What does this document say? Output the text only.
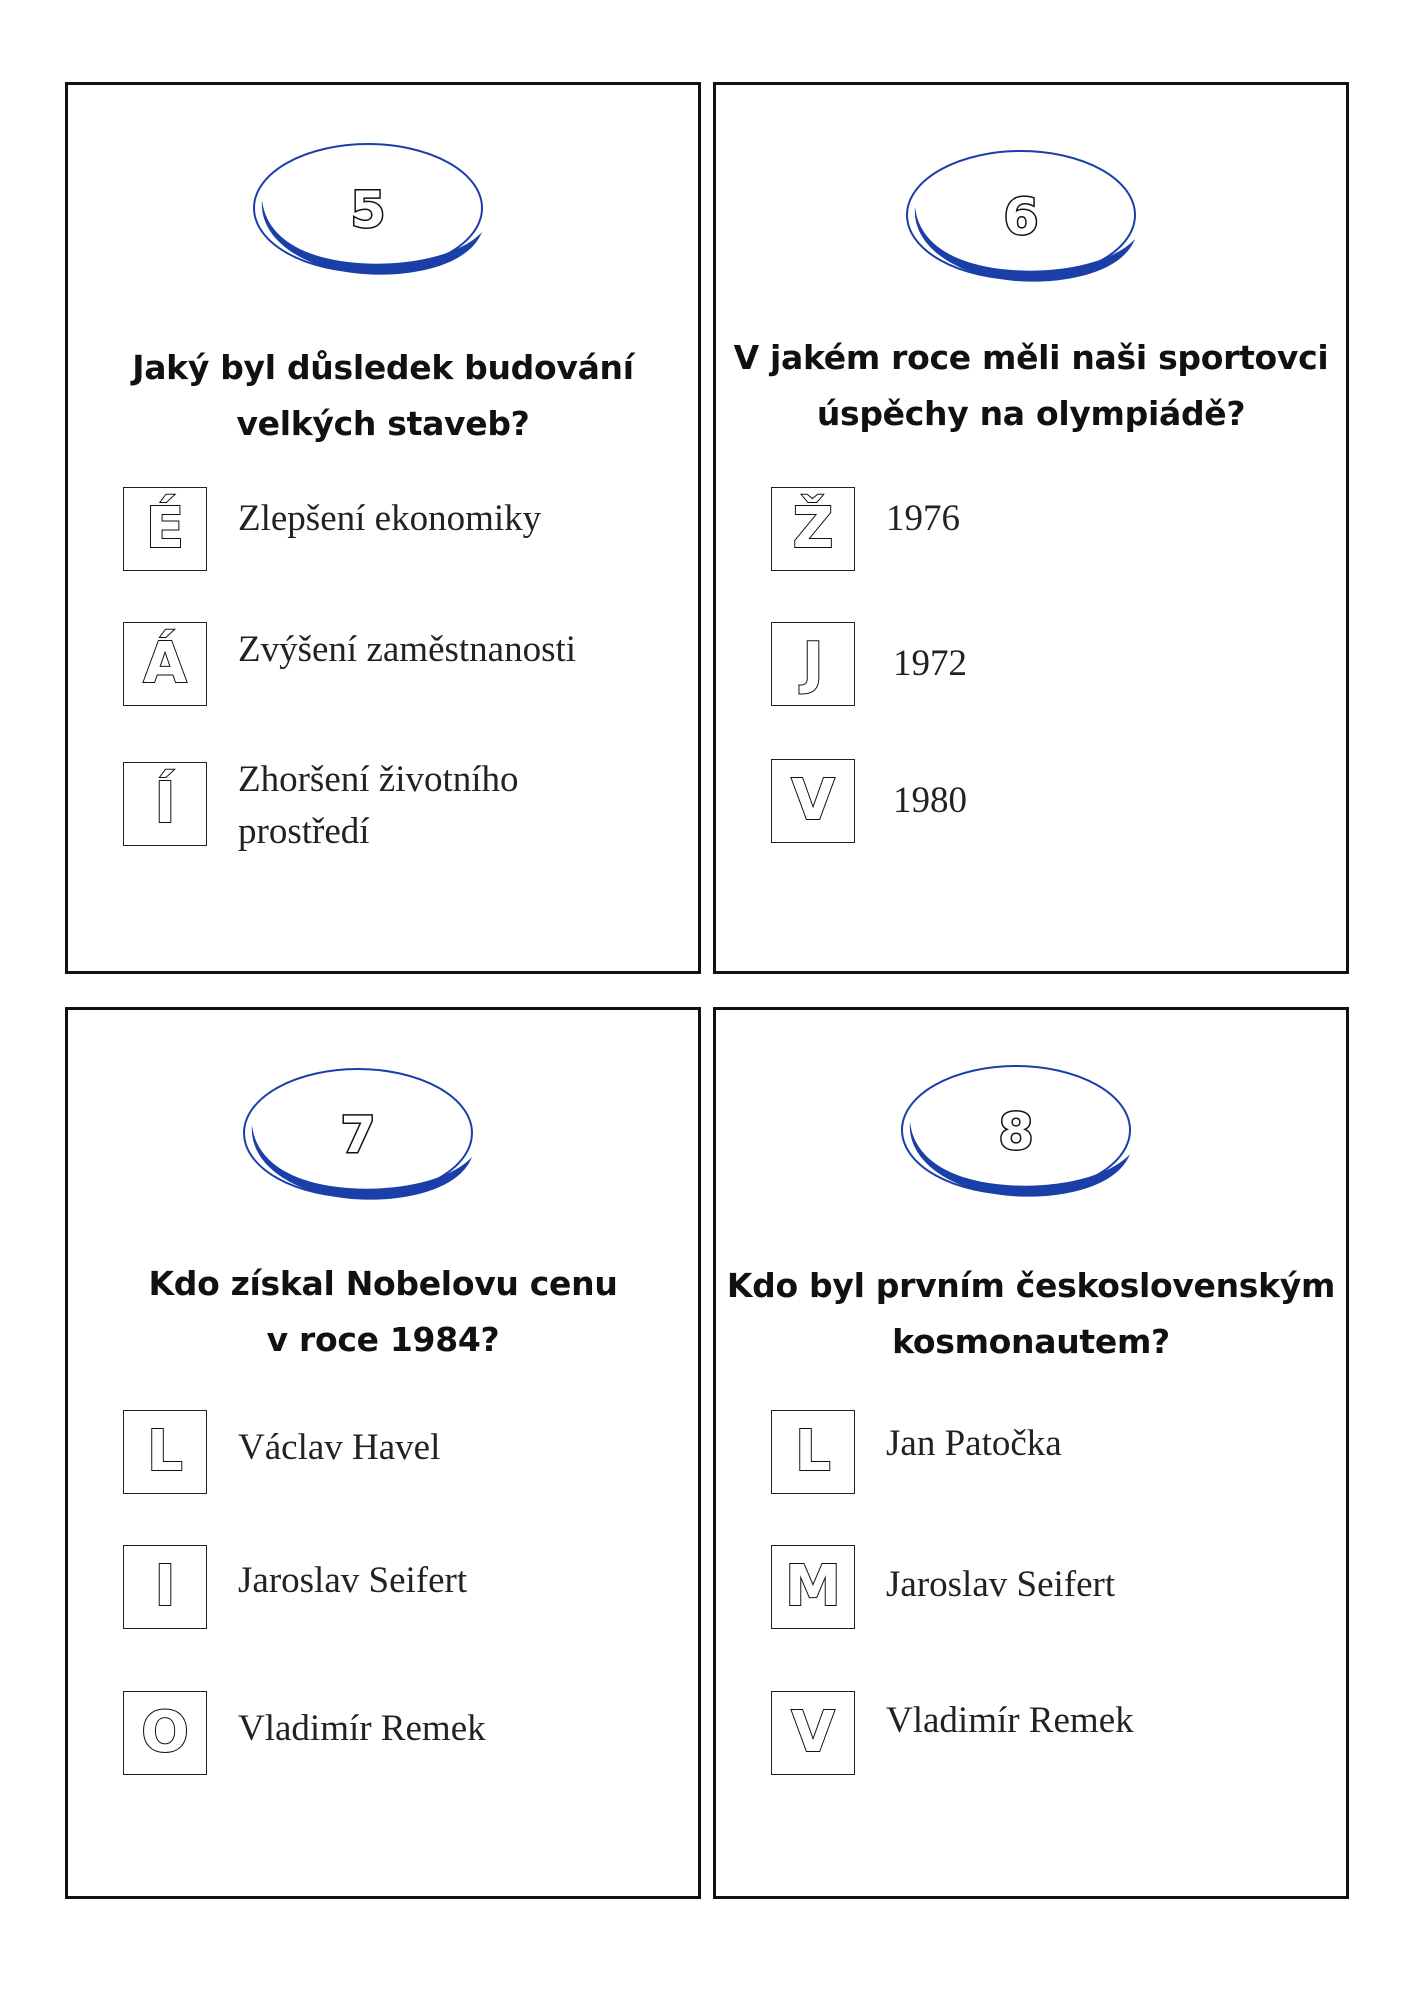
5
Jaký byl důsledek budování
velkých staveb?
É	Zlepšení ekonomiky
Á	Zvýšení zaměstnanosti
Í	Zhoršení životního
prostředí
6
V jakém roce měli naši sportovci
úspěchy na olympiádě?
Ž	1976
J	1972
V	1980
7
Kdo získal Nobelovu cenu
v roce 1984?
L	Václav Havel
I	Jaroslav Seifert
O	Vladimír Remek
8
Kdo byl prvním československým
kosmonautem?
L	Jan Patočka
M	Jaroslav Seifert
V	Vladimír Remek
